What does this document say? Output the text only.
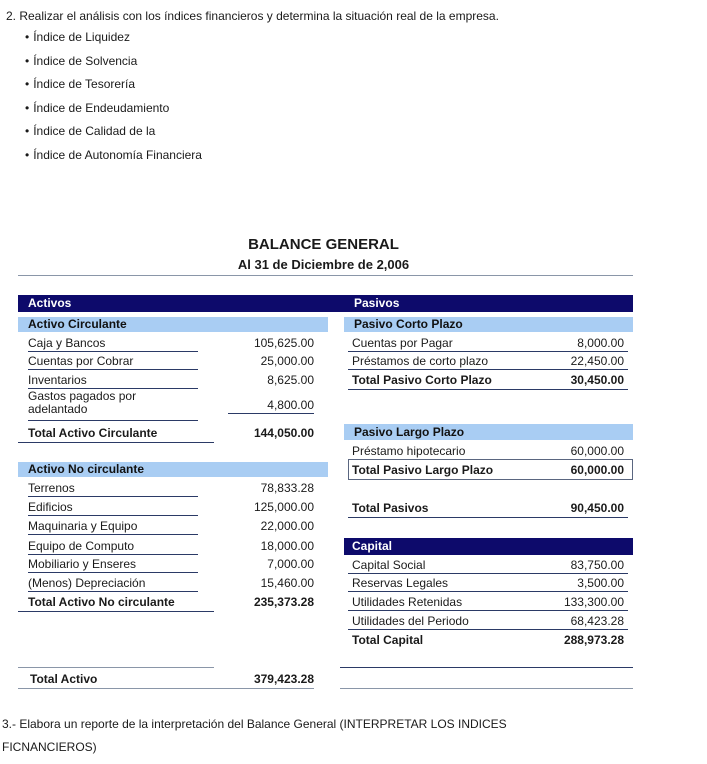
2. Realizar el análisis con los índices financieros y determina la situación real de la empresa.
• Índice de Liquidez
• Índice de Solvencia
• Índice de Tesorería
• Índice de Endeudamiento
• Índice de Calidad de la
• Índice de Autonomía Financiera
BALANCE GENERAL
Al 31 de Diciembre de 2,006
Activos	Pasivos
Activo Circulante
Caja y Bancos	105,625.00
Cuentas por Cobrar	25,000.00
Inventarios	8,625.00
Gastos pagados por adelantado	4,800.00
Total Activo Circulante	144,050.00
Activo No circulante
Terrenos	78,833.28
Edificios	125,000.00
Maquinaria y Equipo	22,000.00
Equipo de Computo	18,000.00
Mobiliario y Enseres	7,000.00
(Menos) Depreciación	15,460.00
Total Activo No circulante	235,373.28
Total Activo	379,423.28
Pasivo Corto Plazo
Cuentas por Pagar	8,000.00
Préstamos de corto plazo	22,450.00
Total Pasivo Corto Plazo	30,450.00
Pasivo Largo Plazo
Préstamo hipotecario	60,000.00
Total Pasivo Largo Plazo	60,000.00
Total Pasivos	90,450.00
Capital
Capital Social	83,750.00
Reservas Legales	3,500.00
Utilidades Retenidas	133,300.00
Utilidades del Periodo	68,423.28
Total Capital	288,973.28
3.- Elabora un reporte de la interpretación del Balance General (INTERPRETAR LOS INDICES FICNANCIEROS)
